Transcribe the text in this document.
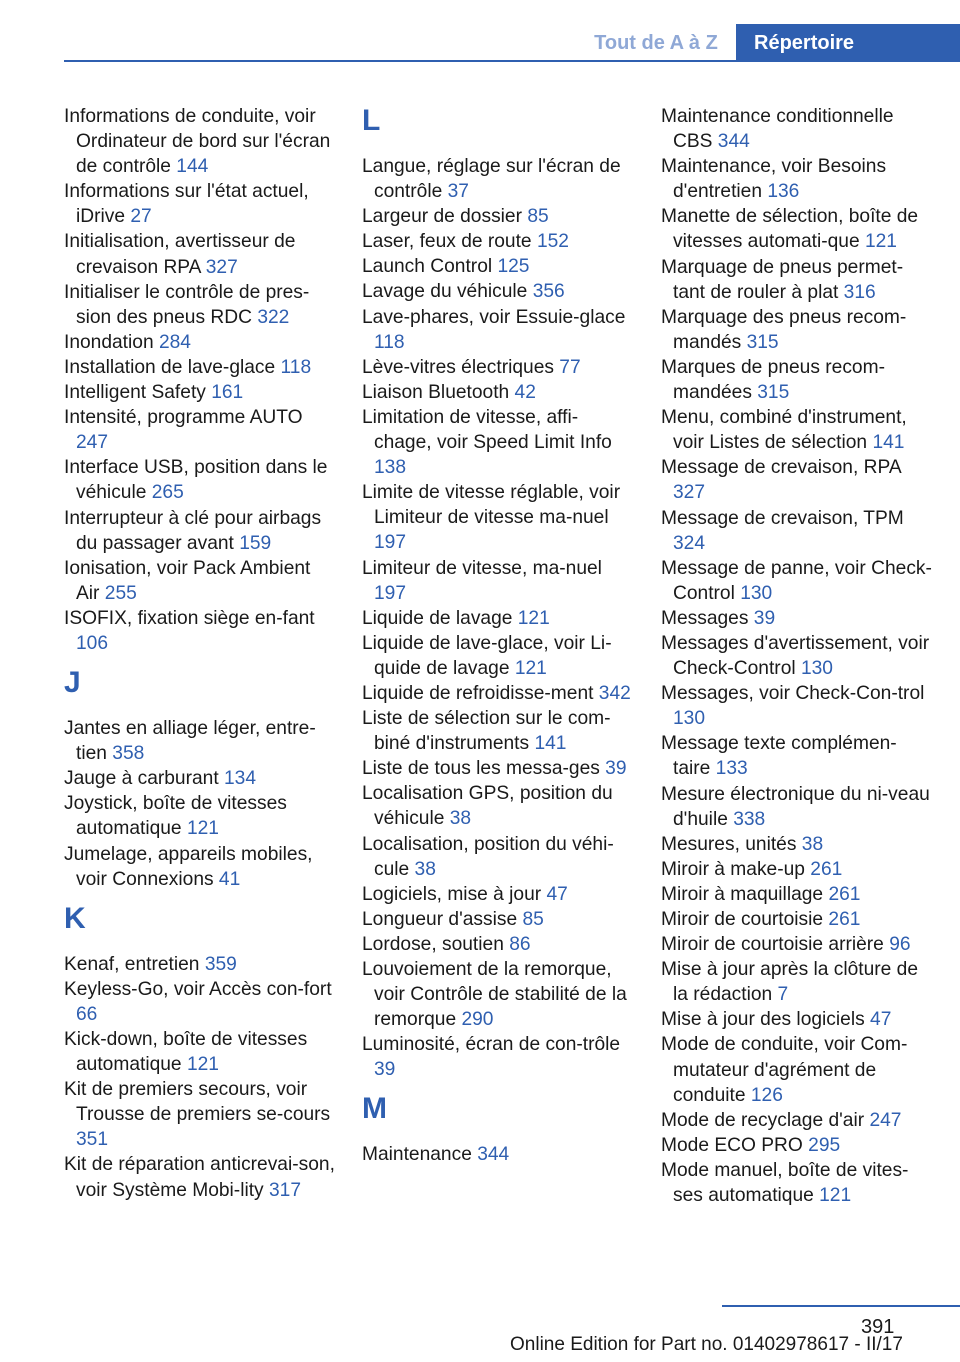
Tout de A à Z	Répertoire
Informations de conduite, voir Ordinateur de bord sur l'écran de contrôle 144
Informations sur l'état actuel, iDrive 27
Initialisation, avertisseur de crevaison RPA 327
Initialiser le contrôle de pres-sion des pneus RDC 322
Inondation 284
Installation de lave-glace 118
Intelligent Safety 161
Intensité, programme AUTO 247
Interface USB, position dans le véhicule 265
Interrupteur à clé pour airbags du passager avant 159
Ionisation, voir Pack Ambient Air 255
ISOFIX, fixation siège en-fant 106
J
Jantes en alliage léger, entre-tien 358
Jauge à carburant 134
Joystick, boîte de vitesses automatique 121
Jumelage, appareils mobiles, voir Connexions 41
K
Kenaf, entretien 359
Keyless-Go, voir Accès con-fort 66
Kick-down, boîte de vitesses automatique 121
Kit de premiers secours, voir Trousse de premiers se-cours 351
Kit de réparation anticrevai-son, voir Système Mobi-lity 317
L
Langue, réglage sur l'écran de contrôle 37
Largeur de dossier 85
Laser, feux de route 152
Launch Control 125
Lavage du véhicule 356
Lave-phares, voir Essuie-glace 118
Lève-vitres électriques 77
Liaison Bluetooth 42
Limitation de vitesse, affi-chage, voir Speed Limit Info 138
Limite de vitesse réglable, voir Limiteur de vitesse ma-nuel 197
Limiteur de vitesse, ma-nuel 197
Liquide de lavage 121
Liquide de lave-glace, voir Li-quide de lavage 121
Liquide de refroidisse-ment 342
Liste de sélection sur le com-biné d'instruments 141
Liste de tous les messa-ges 39
Localisation GPS, position du véhicule 38
Localisation, position du véhi-cule 38
Logiciels, mise à jour 47
Longueur d'assise 85
Lordose, soutien 86
Louvoiement de la remorque, voir Contrôle de stabilité de la remorque 290
Luminosité, écran de con-trôle 39
M
Maintenance 344
Maintenance conditionnelle CBS 344
Maintenance, voir Besoins d'entretien 136
Manette de sélection, boîte de vitesses automati-que 121
Marquage de pneus permet-tant de rouler à plat 316
Marquage des pneus recom-mandés 315
Marques de pneus recom-mandées 315
Menu, combiné d'instrument, voir Listes de sélection 141
Message de crevaison, RPA 327
Message de crevaison, TPM 324
Message de panne, voir Check-Control 130
Messages 39
Messages d'avertissement, voir Check-Control 130
Messages, voir Check-Con-trol 130
Message texte complémen-taire 133
Mesure électronique du ni-veau d'huile 338
Mesures, unités 38
Miroir à make-up 261
Miroir à maquillage 261
Miroir de courtoisie 261
Miroir de courtoisie arrière 96
Mise à jour après la clôture de la rédaction 7
Mise à jour des logiciels 47
Mode de conduite, voir Com-mutateur d'agrément de conduite 126
Mode de recyclage d'air 247
Mode ECO PRO 295
Mode manuel, boîte de vites-ses automatique 121
391
Online Edition for Part no. 01402978617 - II/17
